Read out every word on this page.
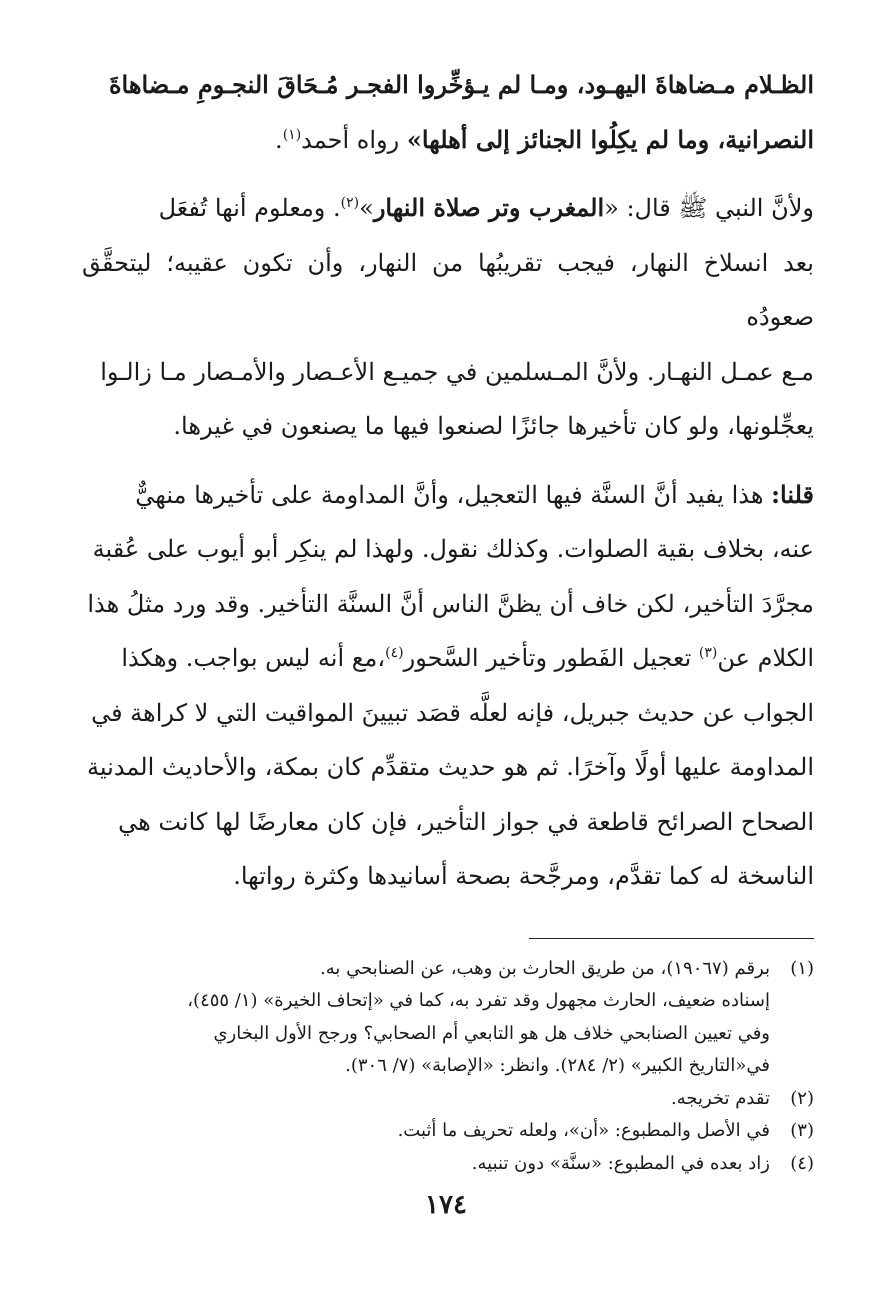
الظـلام مـضاهاةَ اليهـود، ومـا لم يـؤخِّروا الفجـر مُـحَاقَ النجـومِ مـضاهاةَ

النصرانية، وما لم يكِلُوا الجنائز إلى أهلها» رواه أحمد$^{(١)}$.

ولأنَّ النبي ﷺ قال: «المغرب وتر صلاة النهار»$^{(٢)}$. ومعلوم أنها تُفعَل

بعد انسلاخ النهار، فيجب تقريبُها من النهار، وأن تكون عقيبه؛ ليتحقَّق صعودُه

مـع عمـل النهـار. ولأنَّ المـسلمين في جميـع الأعـصار والأمـصار مـا زالـوا

يعجِّلونها، ولو كان تأخيرها جائزًا لصنعوا فيها ما يصنعون في غيرها.

قلنا: هذا يفيد أنَّ السنَّة فيها التعجيل، وأنَّ المداومة على تأخيرها منهيٌّ

عنه، بخلاف بقية الصلوات. وكذلك نقول. ولهذا لم ينكِر أبو أيوب على عُقبة

مجرَّدَ التأخير، لكن خاف أن يظنَّ الناس أنَّ السنَّة التأخير. وقد ورد مثلُ هذا

الكلام عن$^{(٣)}$ تعجيل الفَطور وتأخير السَّحور$^{(٤)}$،مع أنه ليس بواجب. وهكذا

الجواب عن حديث جبريل، فإنه لعلَّه قصَد تبيينَ المواقيت التي لا كراهة في

المداومة عليها أولًا وآخرًا. ثم هو حديث متقدِّم كان بمكة، والأحاديث المدنية

الصحاح الصرائح قاطعة في جواز التأخير، فإن كان معارضًا لها كانت هي

الناسخة له كما تقدَّم، ومرجَّحة بصحة أسانيدها وكثرة رواتها.

(١)
برقم (١٩٠٦٧)، من طريق الحارث بن وهب، عن الصنابحي به.
إسناده ضعيف، الحارث مجهول وقد تفرد به، كما في «إتحاف الخيرة» (١/ ٤٥٥)،
وفي تعيين الصنابحي خلاف هل هو التابعي أم الصحابي؟ ورجح الأول البخاري
في«التاريخ الكبير» (٢/ ٢٨٤). وانظر: «الإصابة» (٧/ ٣٠٦).
(٢)
تقدم تخريجه.
(٣)
في الأصل والمطبوع: «أن»، ولعله تحريف ما أثبت.
(٤)
زاد بعده في المطبوع: «سنَّة» دون تنبيه.
١٧٤
